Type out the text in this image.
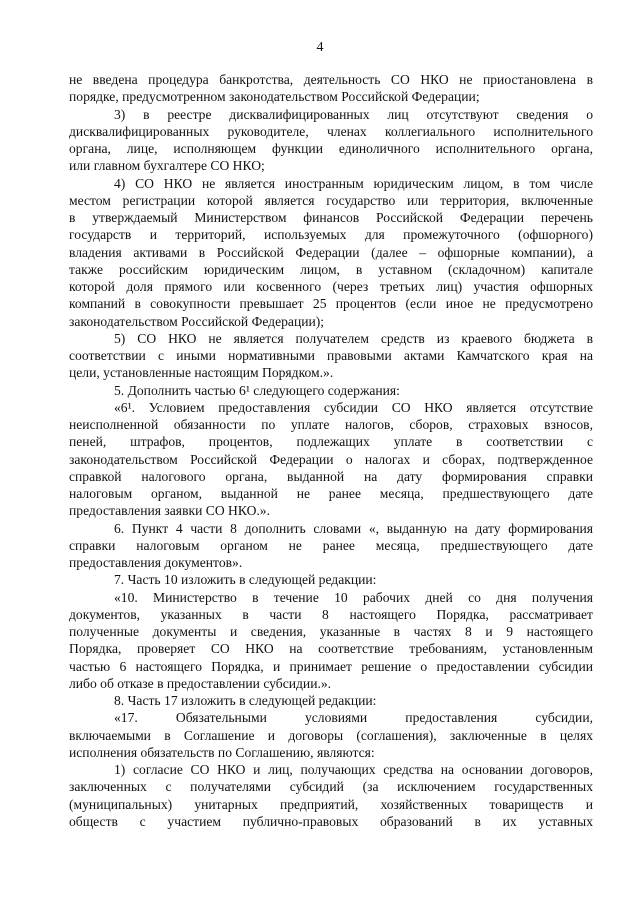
4
не введена процедура банкротства, деятельность СО НКО не приостановлена в
порядке, предусмотренном законодательством Российской Федерации;
3) в реестре дисквалифицированных лиц отсутствуют сведения о
дисквалифицированных руководителе, членах коллегиального исполнительного
органа, лице, исполняющем функции единоличного исполнительного органа,
или главном бухгалтере СО НКО;
4) СО НКО не является иностранным юридическим лицом, в том числе
местом регистрации которой является государство или территория, включенные
в утверждаемый Министерством финансов Российской Федерации перечень
государств и территорий, используемых для промежуточного (офшорного)
владения активами в Российской Федерации (далее – офшорные компании), а
также российским юридическим лицом, в уставном (складочном) капитале
которой доля прямого или косвенного (через третьих лиц) участия офшорных
компаний в совокупности превышает 25 процентов (если иное не предусмотрено
законодательством Российской Федерации);
5) СО НКО не является получателем средств из краевого бюджета в
соответствии с иными нормативными правовыми актами Камчатского края на
цели, установленные настоящим Порядком.».
5. Дополнить частью 6¹ следующего содержания:
«6¹. Условием предоставления субсидии СО НКО является отсутствие
неисполненной обязанности по уплате налогов, сборов, страховых взносов,
пеней, штрафов, процентов, подлежащих уплате в соответствии с
законодательством Российской Федерации о налогах и сборах, подтвержденное
справкой налогового органа, выданной на дату формирования справки
налоговым органом, выданной не ранее месяца, предшествующего дате
предоставления заявки СО НКО.».
6. Пункт 4 части 8 дополнить словами «, выданную на дату формирования
справки налоговым органом не ранее месяца, предшествующего дате
предоставления документов».
7. Часть 10 изложить в следующей редакции:
«10. Министерство в течение 10 рабочих дней со дня получения
документов, указанных в части 8 настоящего Порядка, рассматривает
полученные документы и сведения, указанные в частях 8 и 9 настоящего
Порядка, проверяет СО НКО на соответствие требованиям, установленным
частью 6 настоящего Порядка, и принимает решение о предоставлении субсидии
либо об отказе в предоставлении субсидии.».
8. Часть 17 изложить в следующей редакции:
«17. Обязательными условиями предоставления субсидии,
включаемыми в Соглашение и договоры (соглашения), заключенные в целях
исполнения обязательств по Соглашению, являются:
1) согласие СО НКО и лиц, получающих средства на основании договоров,
заключенных с получателями субсидий (за исключением государственных
(муниципальных) унитарных предприятий, хозяйственных товариществ и
обществ с участием публично-правовых образований в их уставных
